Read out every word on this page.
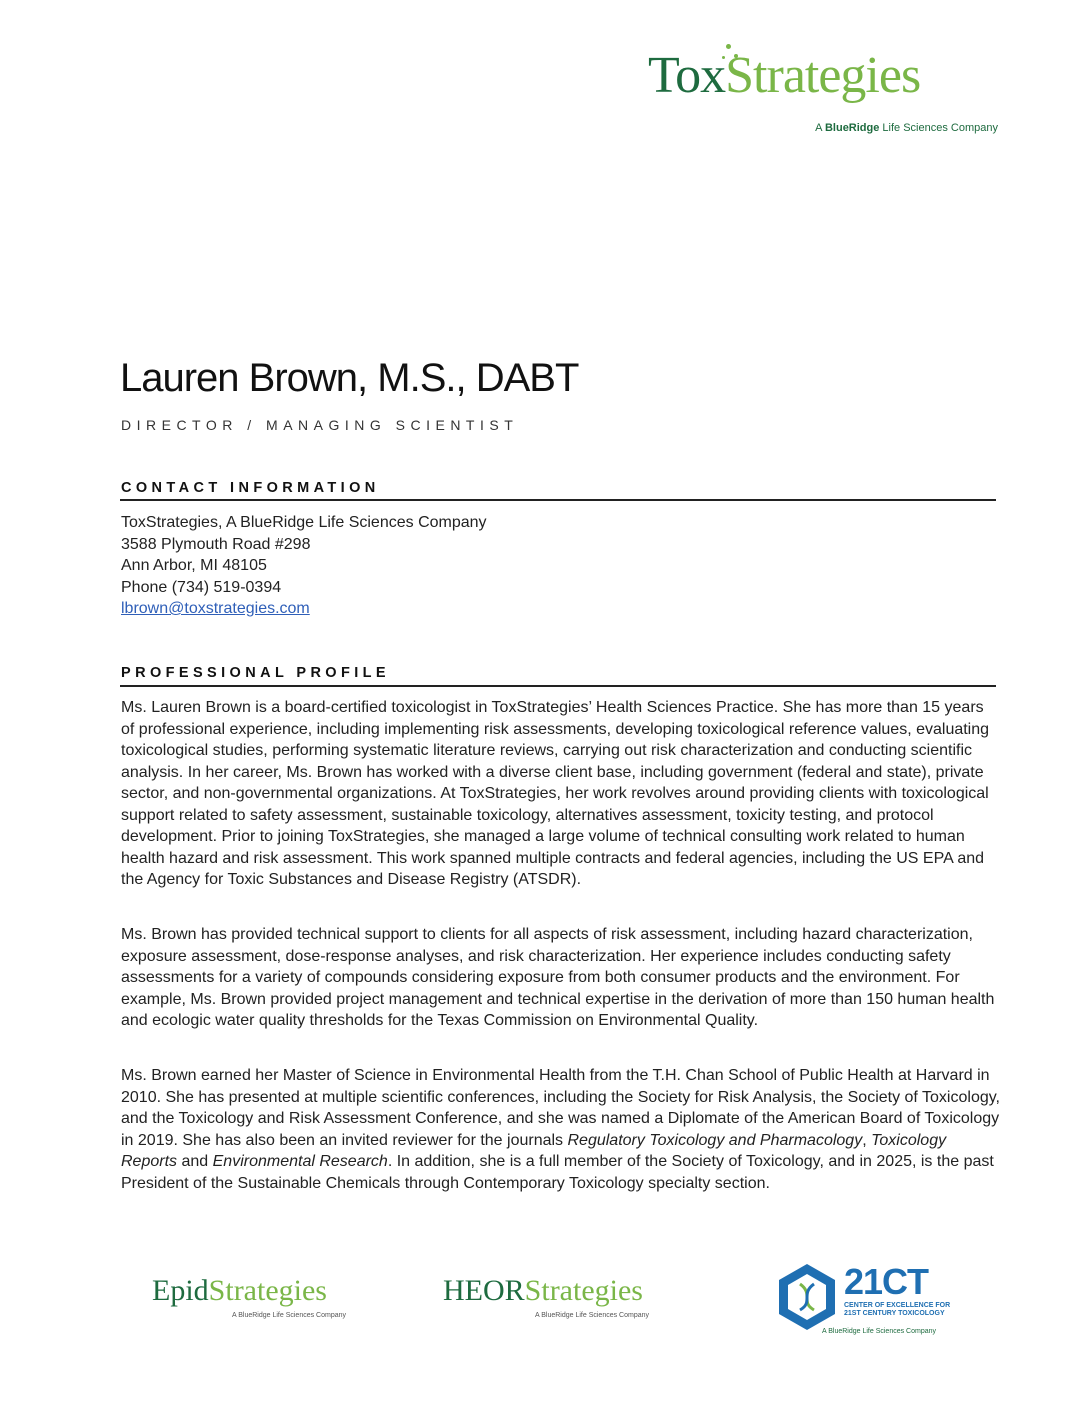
ToxStrategies
A BlueRidge Life Sciences Company
Lauren Brown, M.S., DABT
DIRECTOR / MANAGING SCIENTIST
CONTACT INFORMATION
ToxStrategies, A BlueRidge Life Sciences Company
3588 Plymouth Road #298
Ann Arbor, MI 48105
Phone (734) 519-0394
lbrown@toxstrategies.com
PROFESSIONAL PROFILE
Ms. Lauren Brown is a board-certified toxicologist in ToxStrategies’ Health Sciences Practice. She has more than 15 years of professional experience, including implementing risk assessments, developing toxicological reference values, evaluating toxicological studies, performing systematic literature reviews, carrying out risk characterization and conducting scientific analysis. In her career, Ms. Brown has worked with a diverse client base, including government (federal and state), private sector, and non-governmental organizations. At ToxStrategies, her work revolves around providing clients with toxicological support related to safety assessment, sustainable toxicology, alternatives assessment, toxicity testing, and protocol development. Prior to joining ToxStrategies, she managed a large volume of technical consulting work related to human health hazard and risk assessment. This work spanned multiple contracts and federal agencies, including the US EPA and the Agency for Toxic Substances and Disease Registry (ATSDR).
Ms. Brown has provided technical support to clients for all aspects of risk assessment, including hazard characterization, exposure assessment, dose-response analyses, and risk characterization. Her experience includes conducting safety assessments for a variety of compounds considering exposure from both consumer products and the environment. For example, Ms. Brown provided project management and technical expertise in the derivation of more than 150 human health and ecologic water quality thresholds for the Texas Commission on Environmental Quality.
Ms. Brown earned her Master of Science in Environmental Health from the T.H. Chan School of Public Health at Harvard in 2010. She has presented at multiple scientific conferences, including the Society for Risk Analysis, the Society of Toxicology, and the Toxicology and Risk Assessment Conference, and she was named a Diplomate of the American Board of Toxicology in 2019. She has also been an invited reviewer for the journals Regulatory Toxicology and Pharmacology, Toxicology Reports and Environmental Research. In addition, she is a full member of the Society of Toxicology, and in 2025, is the past President of the Sustainable Chemicals through Contemporary Toxicology specialty section.
EpidStrategies
A BlueRidge Life Sciences Company
HEORStrategies
A BlueRidge Life Sciences Company
21CT
CENTER OF EXCELLENCE FOR
21ST CENTURY TOXICOLOGY
A BlueRidge Life Sciences Company
